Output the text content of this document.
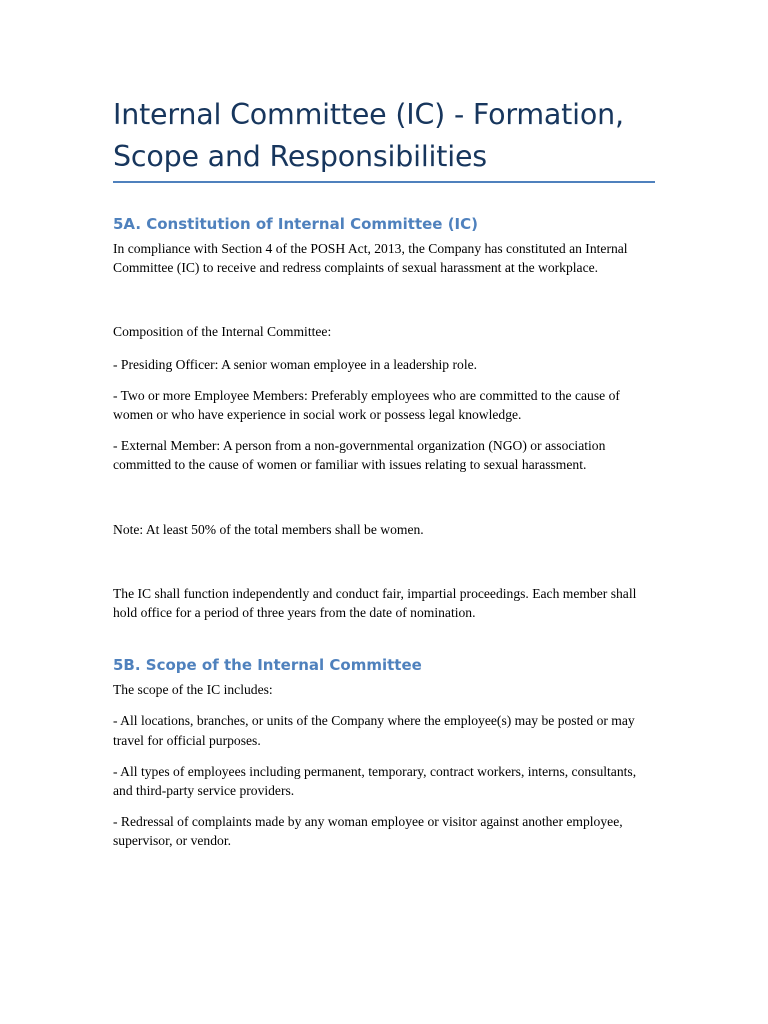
Internal Committee (IC) - Formation, Scope and Responsibilities
5A. Constitution of Internal Committee (IC)

In compliance with Section 4 of the POSH Act, 2013, the Company has constituted an Internal Committee (IC) to receive and redress complaints of sexual harassment at the workplace.

Composition of the Internal Committee:

- Presiding Officer: A senior woman employee in a leadership role.

- Two or more Employee Members: Preferably employees who are committed to the cause of women or who have experience in social work or possess legal knowledge.

- External Member: A person from a non-governmental organization (NGO) or association committed to the cause of women or familiar with issues relating to sexual harassment.

Note: At least 50% of the total members shall be women.

The IC shall function independently and conduct fair, impartial proceedings. Each member shall hold office for a period of three years from the date of nomination.

5B. Scope of the Internal Committee

The scope of the IC includes:

- All locations, branches, or units of the Company where the employee(s) may be posted or may travel for official purposes.

- All types of employees including permanent, temporary, contract workers, interns, consultants, and third-party service providers.

- Redressal of complaints made by any woman employee or visitor against another employee, supervisor, or vendor.
